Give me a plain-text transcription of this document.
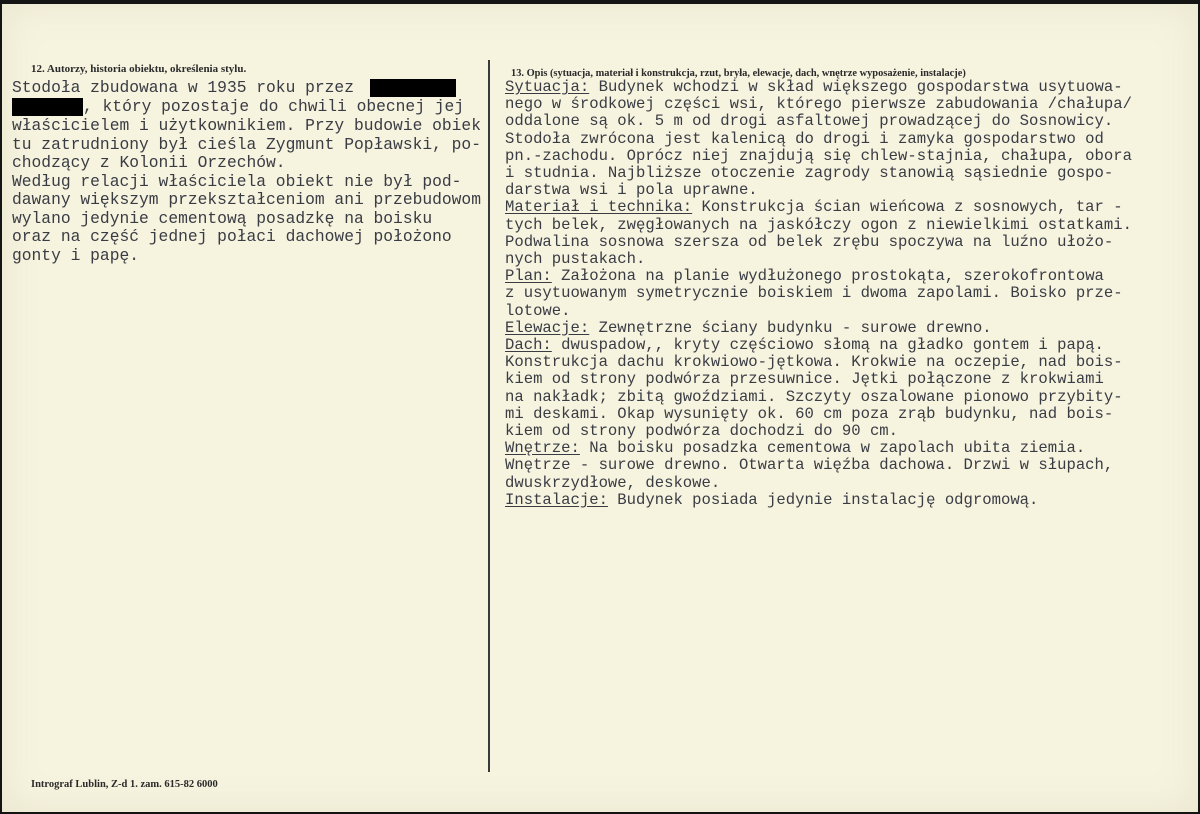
12. Autorzy, historia obiektu, określenia stylu.	13. Opis (sytuacja, materiał i konstrukcja, rzut, bryła, elewacje, dach, wnętrze wyposażenie, instalacje)
Stodoła zbudowana w 1935 roku przez
, który pozostaje do chwili obecnej jej
właścicielem i użytkownikiem. Przy budowie obiek
tu zatrudniony był cieśla Zygmunt Popławski, po-
chodzący z Kolonii Orzechów.
Według relacji właściciela obiekt nie był pod-
dawany większym przekształceniom ani przebudowom
wylano jedynie cementową posadzkę na boisku
oraz na część jednej połaci dachowej położono
gonty i papę.
Sytuacja: Budynek wchodzi w skład większego gospodarstwa usytuowa-
nego w środkowej części wsi, którego pierwsze zabudowania /chałupa/
oddalone są ok. 5 m od drogi asfaltowej prowadzącej do Sosnowicy.
Stodoła zwrócona jest kalenicą do drogi i zamyka gospodarstwo od
pn.-zachodu. Oprócz niej znajdują się chlew-stajnia, chałupa, obora
i studnia. Najbliższe otoczenie zagrody stanowią sąsiednie gospo-
darstwa wsi i pola uprawne.
Materiał i technika: Konstrukcja ścian wieńcowa z sosnowych, tar -
tych belek, zwęgłowanych na jaskółczy ogon z niewielkimi ostatkami.
Podwalina sosnowa szersza od belek zrębu spoczywa na luźno ułożo-
nych pustakach.
Plan: Założona na planie wydłużonego prostokąta, szerokofrontowa
z usytuowanym symetrycznie boiskiem i dwoma zapolami. Boisko prze-
lotowe.
Elewacje: Zewnętrzne ściany budynku - surowe drewno.
Dach: dwuspadow,, kryty częściowo słomą na gładko gontem i papą.
Konstrukcja dachu krokwiowo-jętkowa. Krokwie na oczepie, nad bois-
kiem od strony podwórza przesuwnice. Jętki połączone z krokwiami
na nakładk; zbitą gwoździami. Szczyty oszalowane pionowo przybity-
mi deskami. Okap wysunięty ok. 60 cm poza zrąb budynku, nad bois-
kiem od strony podwórza dochodzi do 90 cm.
Wnętrze: Na boisku posadzka cementowa w zapolach ubita ziemia.
Wnętrze - surowe drewno. Otwarta więźba dachowa. Drzwi w słupach,
dwuskrzydłowe, deskowe.
Instalacje: Budynek posiada jedynie instalację odgromową.
Intrograf Lublin, Z-d 1. zam. 615-82 6000
